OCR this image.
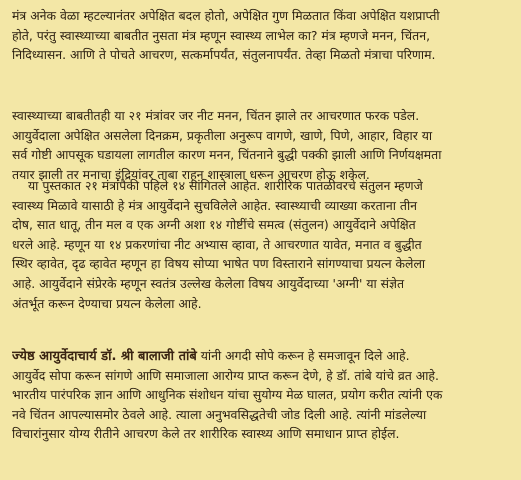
मंत्र अनेक वेळा म्हटल्यानंतर अपेक्षित बदल होतो, अपेक्षित गुण मिळतात किंवा अपेक्षित यशप्राप्ती
होते, परंतु स्वास्थ्याच्या बाबतीत नुसता मंत्र म्हणून स्वास्थ्य लाभेल का? मंत्र म्हणजे मनन, चिंतन,
निदिध्यासन. आणि ते पोचते आचरण, सत्कर्मापर्यंत, संतुलनापर्यंत. तेव्हा मिळतो मंत्राचा परिणाम.

स्वास्थ्याच्या बाबतीतही या २१ मंत्रांवर जर नीट मनन, चिंतन झाले तर आचरणात फरक पडेल.
आयुर्वेदाला अपेक्षित असलेला दिनक्रम, प्रकृतीला अनुरूप वागणे, खाणे, पिणे, आहार, विहार या
सर्व गोष्टी आपसूक घडायला लागतील कारण मनन, चिंतनाने बुद्धी पक्की झाली आणि निर्णयक्षमता
तयार झाली तर मनाचा इंद्रियांवर ताबा राहून शास्त्राला धरून आचरण होऊ शकेल.

या पुस्तकात २१ मंत्रांपैकी पहिले १४ सांगितले आहेत. शारीरिक पातळीवरचे संतुलन म्हणजे
स्वास्थ्य मिळावे यासाठी हे मंत्र आयुर्वेदाने सुचविलेले आहेत. स्वास्थ्याची व्याख्या करताना तीन
दोष, सात धातू, तीन मल व एक अग्नी अशा १४ गोष्टींचे समत्व (संतुलन) आयुर्वेदाने अपेक्षित
धरले आहे. म्हणून या १४ प्रकरणांचा नीट अभ्यास व्हावा, ते आचरणात यावेत, मनात व बुद्धीत
स्थिर व्हावेत, दृढ व्हावेत म्हणून हा विषय सोप्या भाषेत पण विस्ताराने सांगण्याचा प्रयत्न केलेला
आहे. आयुर्वेदाने संप्रेरके म्हणून स्वतंत्र उल्लेख केलेला विषय आयुर्वेदाच्या 'अग्नी' या संज्ञेत
अंतर्भूत करून देण्याचा प्रयत्न केलेला आहे.

ज्येष्ठ आयुर्वेदाचार्य डॉ. श्री बालाजी तांबे यांनी अगदी सोपे करून हे समजावून दिले आहे.
आयुर्वेद सोपा करून सांगणे आणि समाजाला आरोग्य प्राप्त करून देणे, हे डॉ. तांबे यांचे व्रत आहे.
भारतीय पारंपरिक ज्ञान आणि आधुनिक संशोधन यांचा सुयोग्य मेळ घालत, प्रयोग करीत त्यांनी एक
नवे चिंतन आपल्यासमोर ठेवले आहे. त्याला अनुभवसिद्धतेची जोड दिली आहे. त्यांनी मांडलेल्या
विचारांनुसार योग्य रीतीने आचरण केले तर शारीरिक स्वास्थ्य आणि समाधान प्राप्त होईल.
